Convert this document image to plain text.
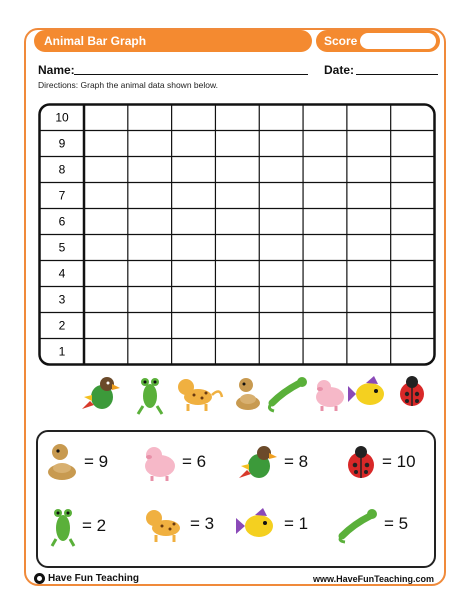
Animal Bar Graph	Score
Name:	Date:
Directions: Graph the animal data shown below.
10
9
8
7
6
5
4
3
2
1
= 9	= 6	= 8	= 10
= 2	= 3	= 1	= 5
Have Fun Teaching	www.HaveFunTeaching.com
